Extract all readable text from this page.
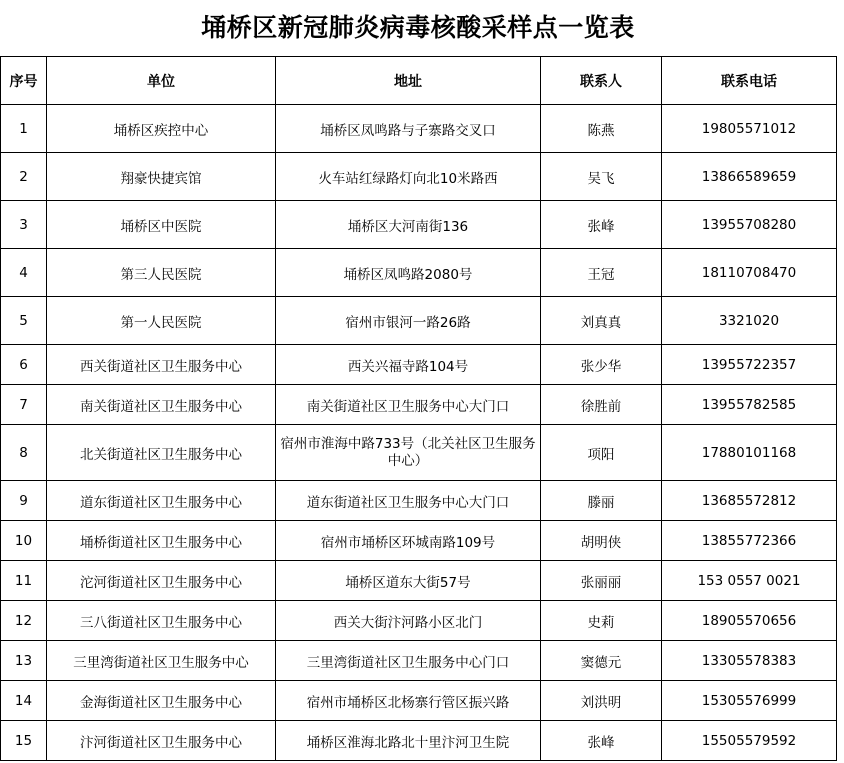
埇桥区新冠肺炎病毒核酸采样点一览表
序号	单位	地址	联系人	联系电话
1	埇桥区疾控中心	埇桥区凤鸣路与子寨路交叉口	陈燕	19805571012
2	翔豪快捷宾馆	火车站红绿路灯向北10米路西	吴飞	13866589659
3	埇桥区中医院	埇桥区大河南街136	张峰	13955708280
4	第三人民医院	埇桥区凤鸣路2080号	王冠	18110708470
5	第一人民医院	宿州市银河一路26路	刘真真	3321020
6	西关街道社区卫生服务中心	西关兴福寺路104号	张少华	13955722357
7	南关街道社区卫生服务中心	南关街道社区卫生服务中心大门口	徐胜前	13955782585
8	北关街道社区卫生服务中心	宿州市淮海中路733号（北关社区卫生服务中心）	项阳	17880101168
9	道东街道社区卫生服务中心	道东街道社区卫生服务中心大门口	滕丽	13685572812
10	埇桥街道社区卫生服务中心	宿州市埇桥区环城南路109号	胡明侠	13855772366
11	沱河街道社区卫生服务中心	埇桥区道东大街57号	张丽丽	153 0557 0021
12	三八街道社区卫生服务中心	西关大街汴河路小区北门	史莉	18905570656
13	三里湾街道社区卫生服务中心	三里湾街道社区卫生服务中心门口	窦德元	13305578383
14	金海街道社区卫生服务中心	宿州市埇桥区北杨寨行管区振兴路	刘洪明	15305576999
15	汴河街道社区卫生服务中心	埇桥区淮海北路北十里汴河卫生院	张峰	15505579592
